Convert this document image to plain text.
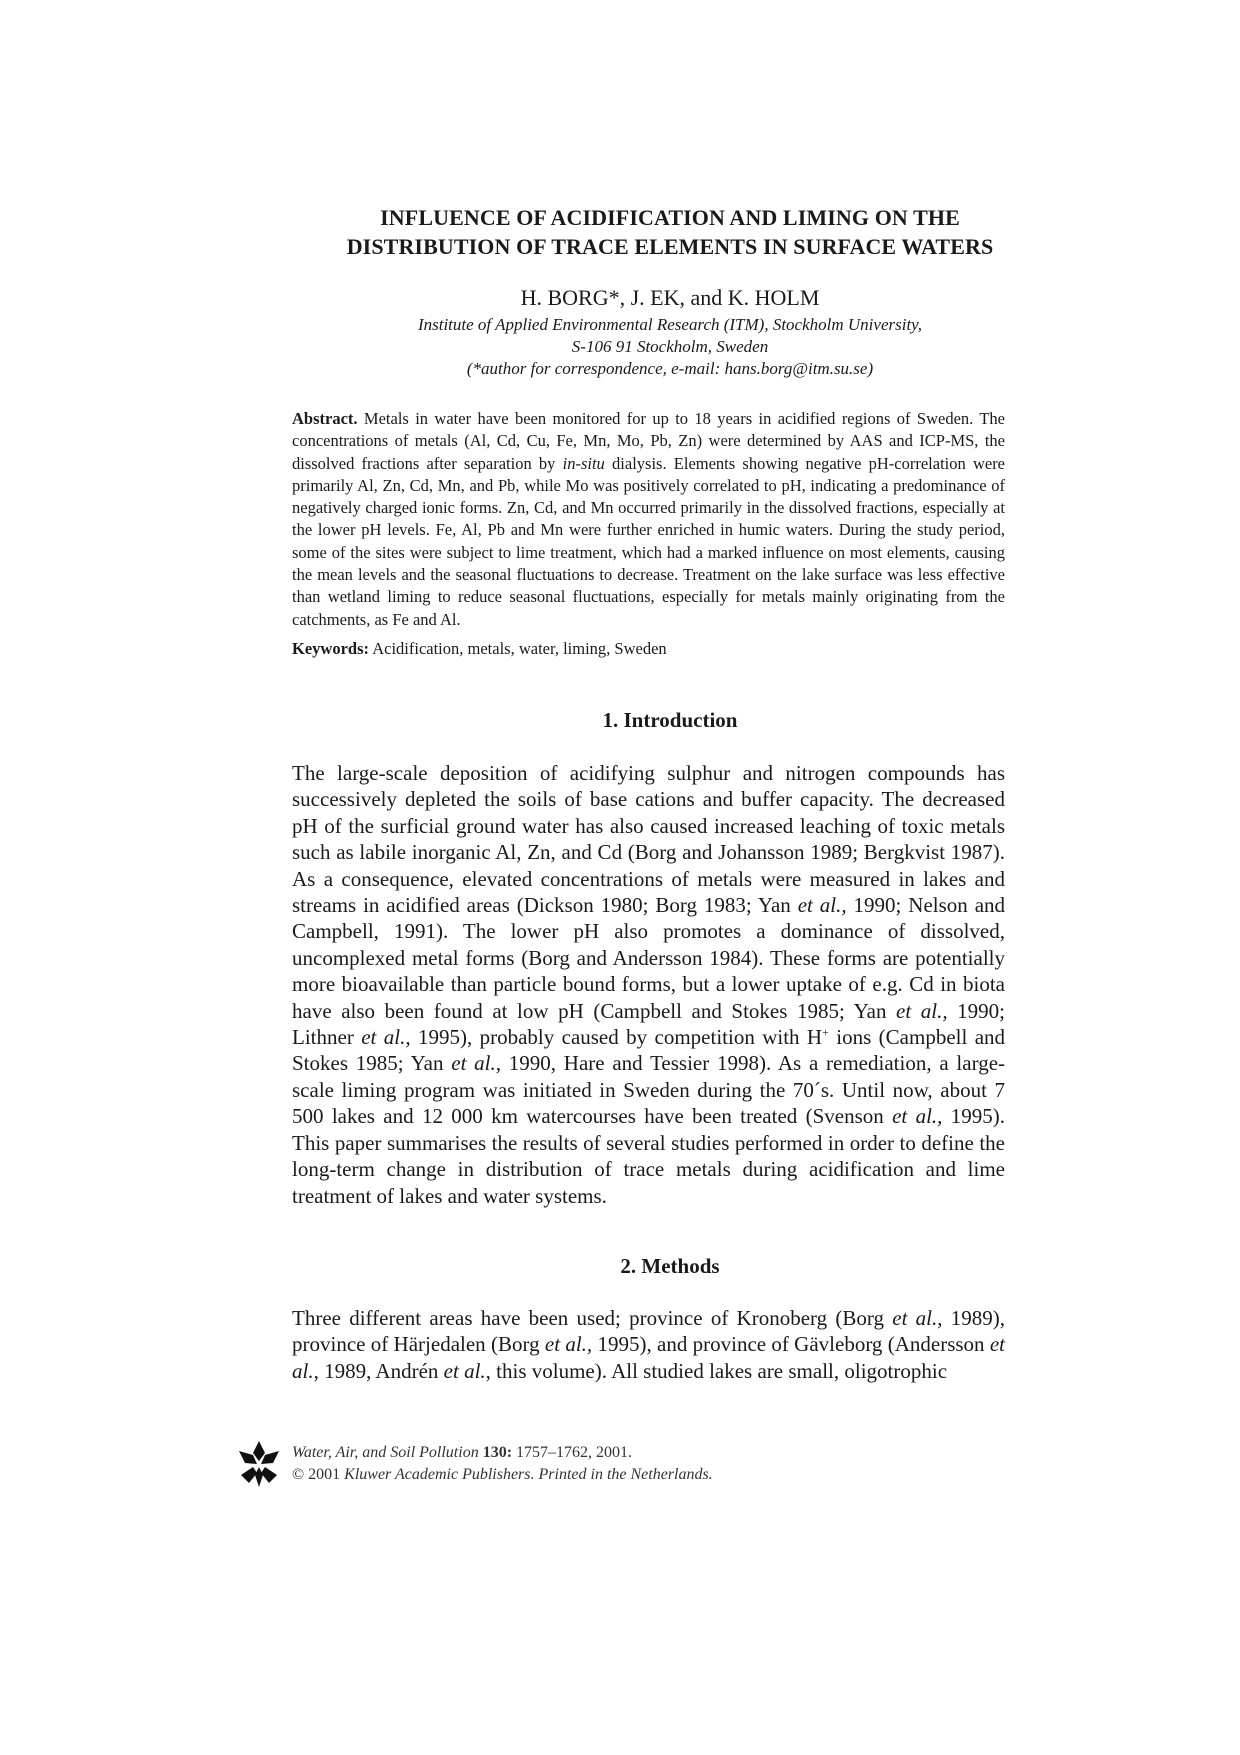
INFLUENCE OF ACIDIFICATION AND LIMING ON THE
DISTRIBUTION OF TRACE ELEMENTS IN SURFACE WATERS
H. BORG*, J. EK, and K. HOLM
Institute of Applied Environmental Research (ITM), Stockholm University,
S-106 91 Stockholm, Sweden
(*author for correspondence, e-mail: hans.borg@itm.su.se)
Abstract. Metals in water have been monitored for up to 18 years in acidified regions of Sweden. The concentrations of metals (Al, Cd, Cu, Fe, Mn, Mo, Pb, Zn) were determined by AAS and ICP-MS, the dissolved fractions after separation by in-situ dialysis. Elements showing negative pH-correlation were primarily Al, Zn, Cd, Mn, and Pb, while Mo was positively correlated to pH, indicating a predominance of negatively charged ionic forms. Zn, Cd, and Mn occurred primarily in the dissolved fractions, especially at the lower pH levels. Fe, Al, Pb and Mn were further enriched in humic waters. During the study period, some of the sites were subject to lime treatment, which had a marked influence on most elements, causing the mean levels and the seasonal fluctuations to decrease. Treatment on the lake surface was less effective than wetland liming to reduce seasonal fluctuations, especially for metals mainly originating from the catchments, as Fe and Al.
Keywords: Acidification, metals, water, liming, Sweden
1. Introduction

The large-scale deposition of acidifying sulphur and nitrogen compounds has successively depleted the soils of base cations and buffer capacity. The decreased pH of the surficial ground water has also caused increased leaching of toxic metals such as labile inorganic Al, Zn, and Cd (Borg and Johansson 1989; Bergkvist 1987). As a consequence, elevated concentrations of metals were measured in lakes and streams in acidified areas (Dickson 1980; Borg 1983; Yan et al., 1990; Nelson and Campbell, 1991). The lower pH also promotes a dominance of dissolved, uncomplexed metal forms (Borg and Andersson 1984). These forms are potentially more bioavailable than particle bound forms, but a lower uptake of e.g. Cd in biota have also been found at low pH (Campbell and Stokes 1985; Yan et al., 1990; Lithner et al., 1995), probably caused by competition with H+ ions (Campbell and Stokes 1985; Yan et al., 1990, Hare and Tessier 1998). As a remediation, a large-scale liming program was initiated in Sweden during the 70´s. Until now, about 7 500 lakes and 12 000 km watercourses have been treated (Svenson et al., 1995). This paper summarises the results of several studies performed in order to define the long-term change in distribution of trace metals during acidification and lime treatment of lakes and water systems.

2. Methods

Three different areas have been used; province of Kronoberg (Borg et al., 1989), province of Härjedalen (Borg et al., 1995), and province of Gävleborg (Andersson et al., 1989, Andrén et al., this volume). All studied lakes are small, oligotrophic

Water, Air, and Soil Pollution 130: 1757–1762, 2001.
© 2001 Kluwer Academic Publishers. Printed in the Netherlands.
